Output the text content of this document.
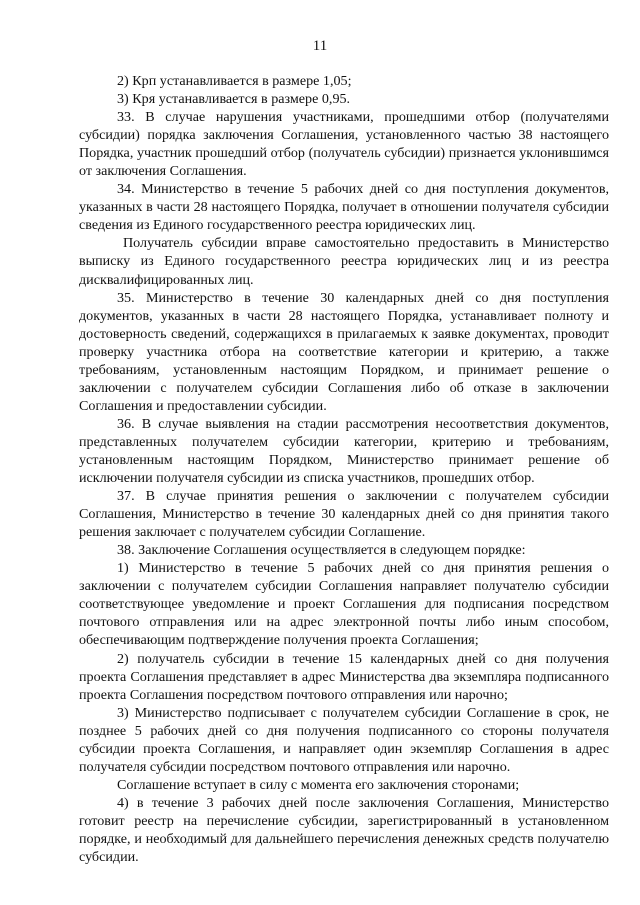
11

2) Крп устанавливается в размере 1,05;

3) Кря устанавливается в размере 0,95.

33. В случае нарушения участниками, прошедшими отбор (получателями субсидии) порядка заключения Соглашения, установленного частью 38 настоящего Порядка, участник прошедший отбор (получатель субсидии) признается уклонившимся от заключения Соглашения.

34. Министерство в течение 5 рабочих дней со дня поступления документов, указанных в части 28 настоящего Порядка, получает в отношении получателя субсидии сведения из Единого государственного реестра юридических лиц.

Получатель субсидии вправе самостоятельно предоставить в Министерство выписку из Единого государственного реестра юридических лиц и из реестра дисквалифицированных лиц.

35. Министерство в течение 30 календарных дней со дня поступления документов, указанных в части 28 настоящего Порядка, устанавливает полноту и достоверность сведений, содержащихся в прилагаемых к заявке документах, проводит проверку участника отбора на соответствие категории и критерию, а также требованиям, установленным настоящим Порядком, и принимает решение о заключении с получателем субсидии Соглашения либо об отказе в заключении Соглашения и предоставлении субсидии.

36. В случае выявления на стадии рассмотрения несоответствия документов, представленных получателем субсидии категории, критерию и требованиям, установленным настоящим Порядком, Министерство принимает решение об исключении получателя субсидии из списка участников, прошедших отбор.

37. В случае принятия решения о заключении с получателем субсидии Соглашения, Министерство в течение 30 календарных дней со дня принятия такого решения заключает с получателем субсидии Соглашение.

38. Заключение Соглашения осуществляется в следующем порядке:

1) Министерство в течение 5 рабочих дней со дня принятия решения о заключении с получателем субсидии Соглашения направляет получателю субсидии соответствующее уведомление и проект Соглашения для подписания посредством почтового отправления или на адрес электронной почты либо иным способом, обеспечивающим подтверждение получения проекта Соглашения;

2) получатель субсидии в течение 15 календарных дней со дня получения проекта Соглашения представляет в адрес Министерства два экземпляра подписанного проекта Соглашения посредством почтового отправления или нарочно;

3) Министерство подписывает с получателем субсидии Соглашение в срок, не позднее 5 рабочих дней со дня получения подписанного со стороны получателя субсидии проекта Соглашения, и направляет один экземпляр Соглашения в адрес получателя субсидии посредством почтового отправления или нарочно.

Соглашение вступает в силу с момента его заключения сторонами;

4) в течение 3 рабочих дней после заключения Соглашения, Министерство готовит реестр на перечисление субсидии, зарегистрированный в установленном порядке, и необходимый для дальнейшего перечисления денежных средств получателю субсидии.
